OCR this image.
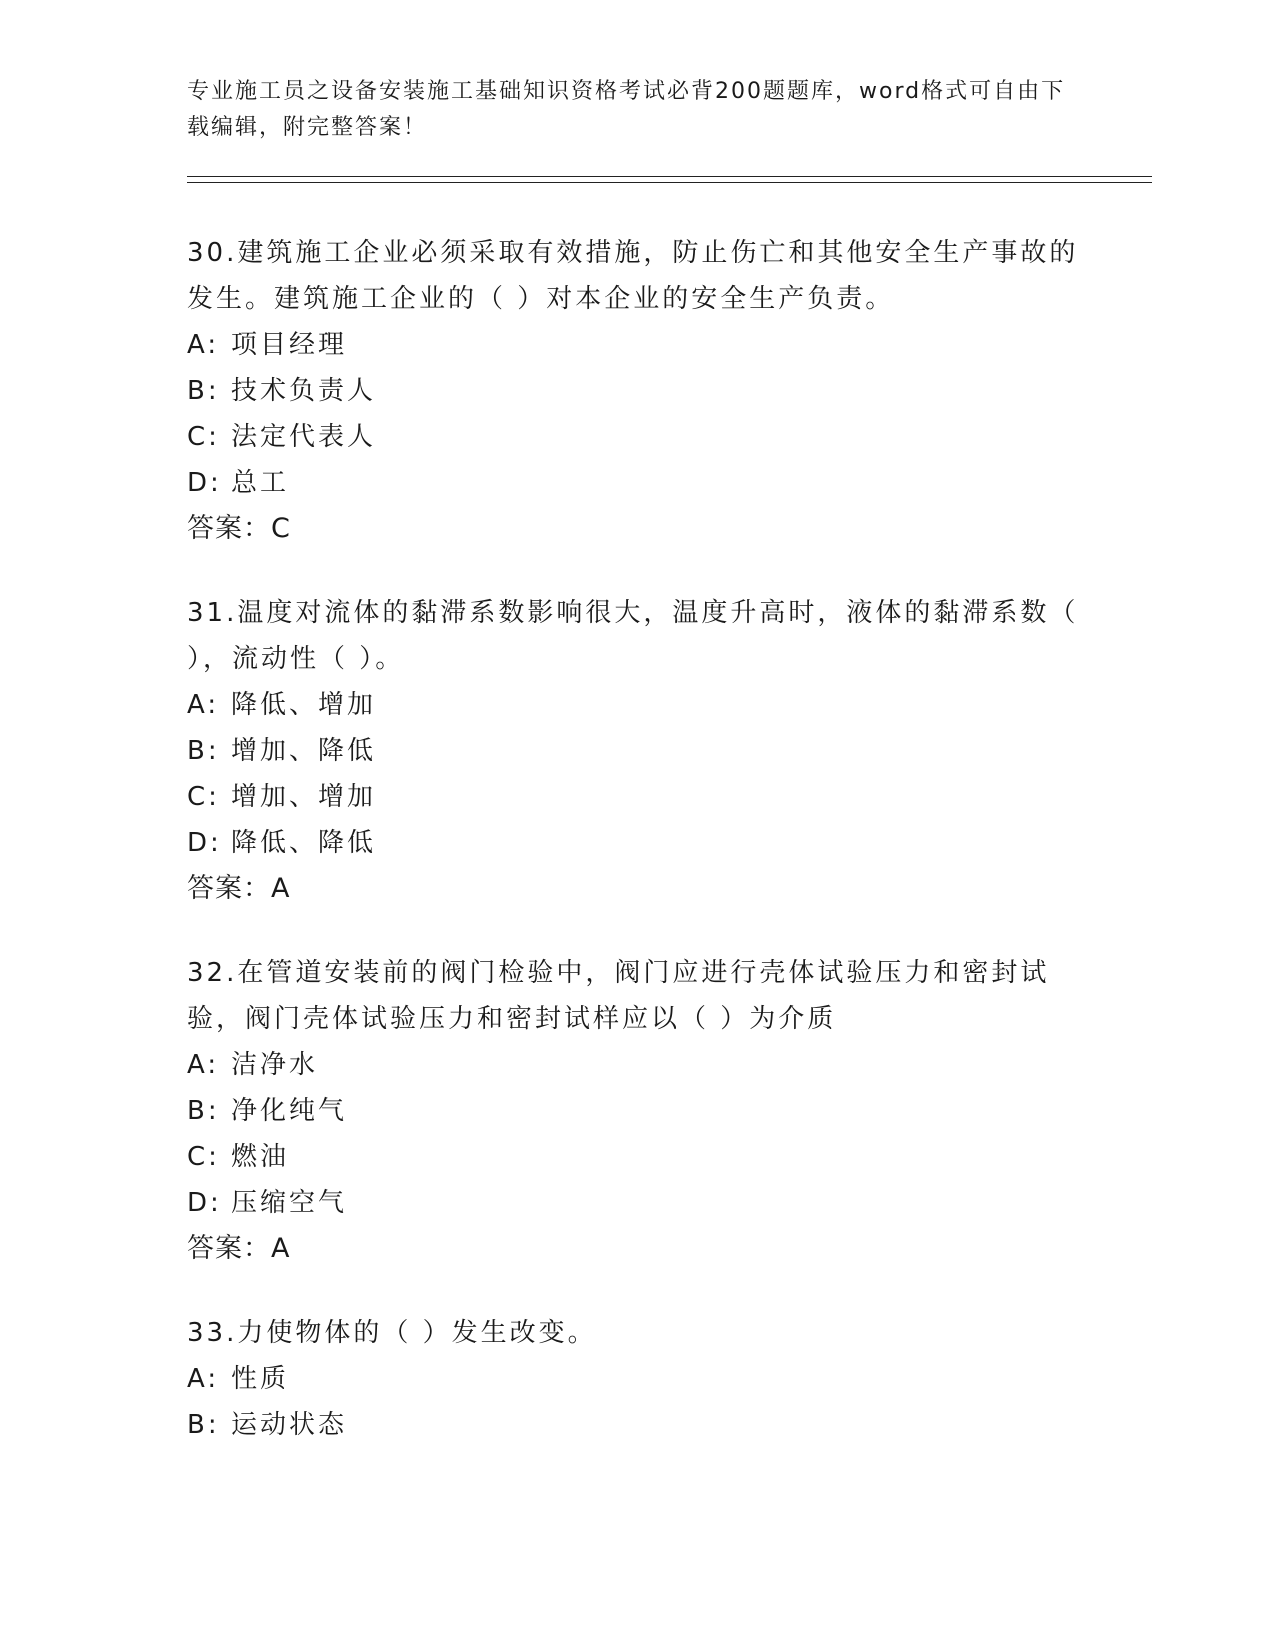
专业施工员之设备安装施工基础知识资格考试必背200题题库，word格式可自由下载编辑，附完整答案！

30.建筑施工企业必须采取有效措施，防止伤亡和其他安全生产事故的发生。建筑施工企业的（ ）对本企业的安全生产负责。

A: 项目经理

B: 技术负责人

C: 法定代表人

D: 总工

答案：C

31.温度对流体的黏滞系数影响很大，温度升高时，液体的黏滞系数（ ），流动性（ ）。

A: 降低、增加

B: 增加、降低

C: 增加、增加

D: 降低、降低

答案：A

32.在管道安装前的阀门检验中，阀门应进行壳体试验压力和密封试验，阀门壳体试验压力和密封试样应以（ ）为介质

A: 洁净水

B: 净化纯气

C: 燃油

D: 压缩空气

答案：A

33.力使物体的（ ）发生改变。

A: 性质

B: 运动状态
